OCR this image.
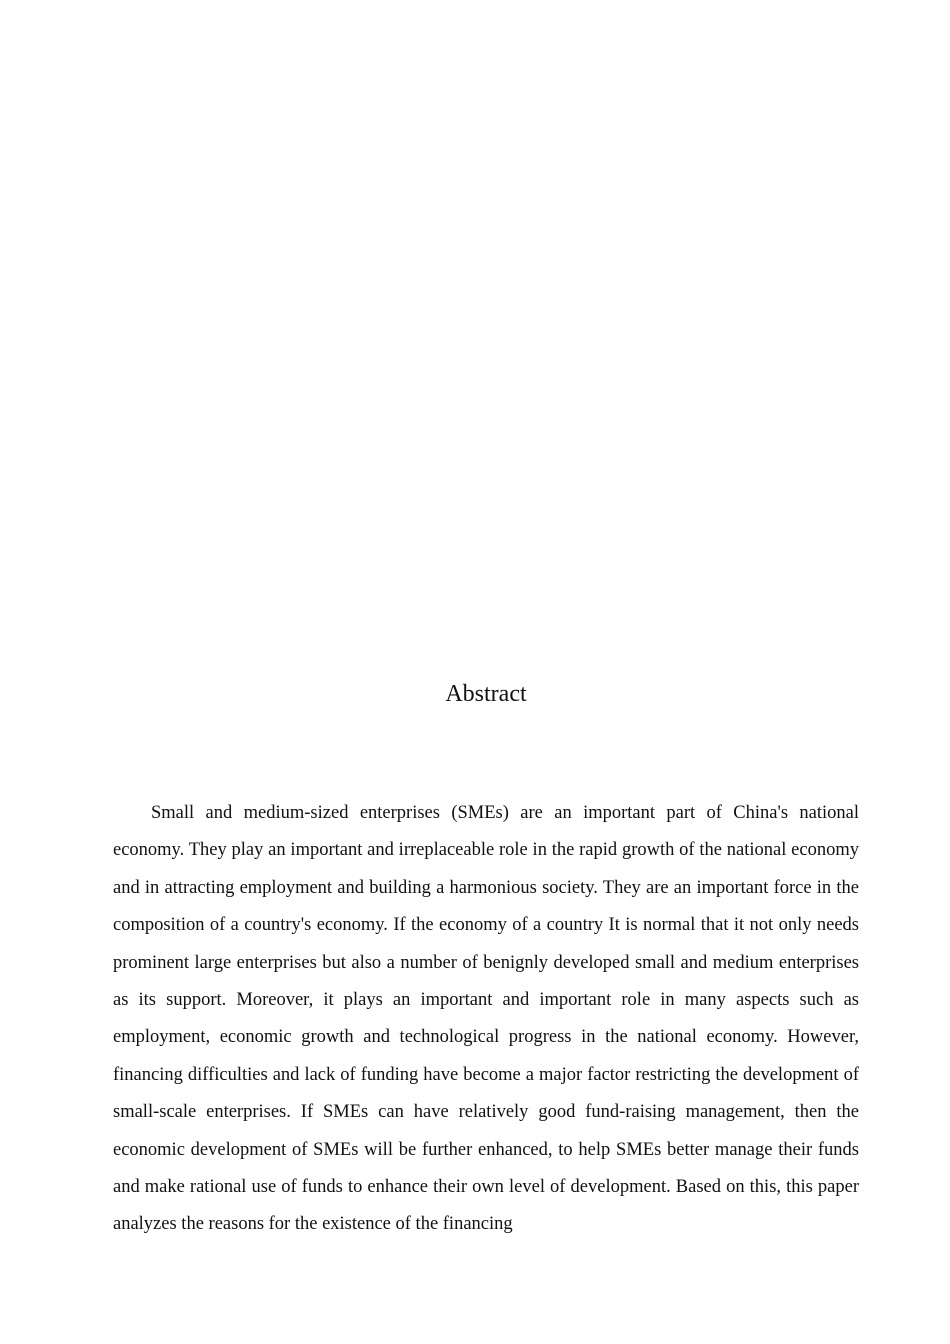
Abstract

Small and medium-sized enterprises (SMEs) are an important part of China's national economy. They play an important and irreplaceable role in the rapid growth of the national economy and in attracting employment and building a harmonious society. They are an important force in the composition of a country's economy. If the economy of a country It is normal that it not only needs prominent large enterprises but also a number of benignly developed small and medium enterprises as its support. Moreover, it plays an important and important role in many aspects such as employment, economic growth and technological progress in the national economy. However, financing difficulties and lack of funding have become a major factor restricting the development of small-scale enterprises. If SMEs can have relatively good fund-raising management, then the economic development of SMEs will be further enhanced, to help SMEs better manage their funds and make rational use of funds to enhance their own level of development. Based on this, this paper analyzes the reasons for the existence of the financing
